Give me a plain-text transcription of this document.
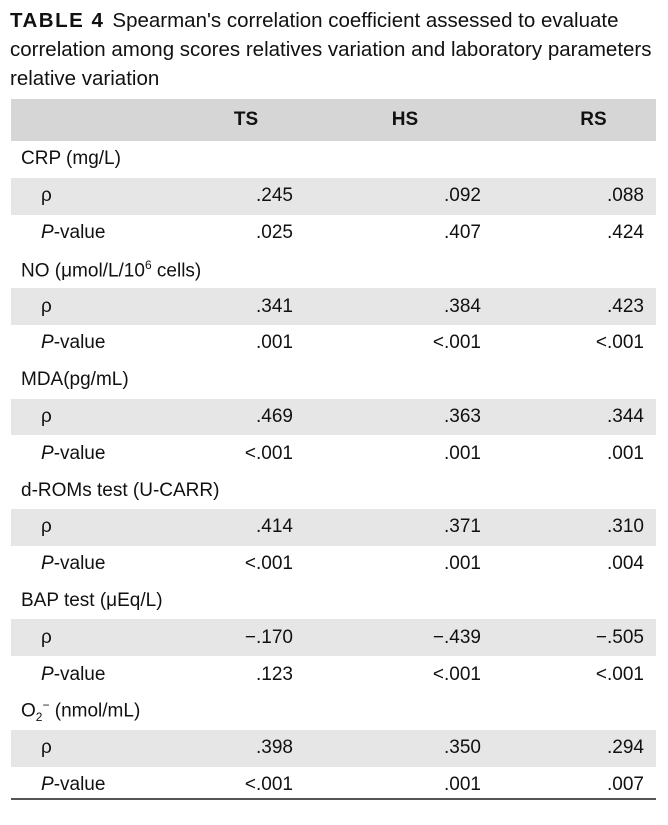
TABLE 4 Spearman's correlation coefficient assessed to evaluate correlation among scores relatives variation and laboratory parameters relative variation
	TS	HS	RS
CRP (mg/L)			
ρ	.245	.092	.088
P-value	.025	.407	.424
NO ($\mu mol/L/10^6$ cells)			
ρ	.341	.384	.423
P-value	.001	<.001	<.001
MDA(pg/mL)			
ρ	.469	.363	.344
P-value	<.001	.001	.001
d-ROMs test (U-CARR)			
ρ	.414	.371	.310
P-value	<.001	.001	.004
BAP test (μEq/L)			
ρ	−.170	−.439	−.505
P-value	.123	<.001	<.001
$O_2^-$ (nmol/mL)			
ρ	.398	.350	.294
P-value	<.001	.001	.007
